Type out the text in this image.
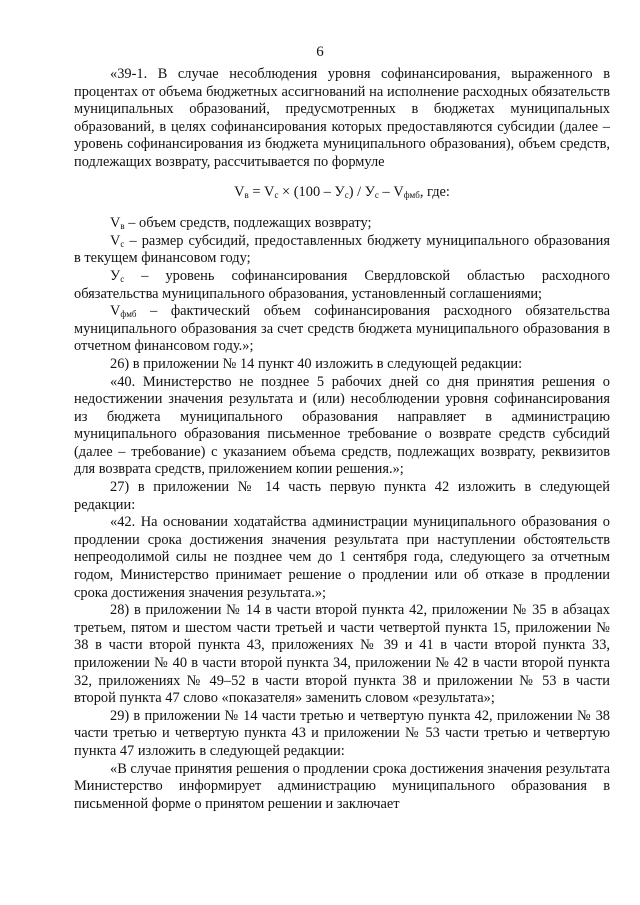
6

«39-1. В случае несоблюдения уровня софинансирования, выраженного в процентах от объема бюджетных ассигнований на исполнение расходных обязательств муниципальных образований, предусмотренных в бюджетах муниципальных образований, в целях софинансирования которых предоставляются субсидии (далее – уровень софинансирования из бюджета муниципального образования), объем средств, подлежащих возврату, рассчитывается по формуле

$V_в = V_с \times (100 - У_с) / У_с - V_{фмб}$, где:

$V_в$ – объем средств, подлежащих возврату;

$V_с$ – размер субсидий, предоставленных бюджету муниципального образования в текущем финансовом году;

$У_с$ – уровень софинансирования Свердловской областью расходного обязательства муниципального образования, установленный соглашениями;

$V_{фмб}$ – фактический объем софинансирования расходного обязательства муниципального образования за счет средств бюджета муниципального образования в отчетном финансовом году.»;

26) в приложении № 14 пункт 40 изложить в следующей редакции:

«40. Министерство не позднее 5 рабочих дней со дня принятия решения о недостижении значения результата и (или) несоблюдении уровня софинансирования из бюджета муниципального образования направляет в администрацию муниципального образования письменное требование о возврате средств субсидий (далее – требование) с указанием объема средств, подлежащих возврату, реквизитов для возврата средств, приложением копии решения.»;

27) в приложении № 14 часть первую пункта 42 изложить в следующей редакции:

«42. На основании ходатайства администрации муниципального образования о продлении срока достижения значения результата при наступлении обстоятельств непреодолимой силы не позднее чем до 1 сентября года, следующего за отчетным годом, Министерство принимает решение о продлении или об отказе в продлении срока достижения значения результата.»;

28) в приложении № 14 в части второй пункта 42, приложении № 35 в абзацах третьем, пятом и шестом части третьей и части четвертой пункта 15, приложении № 38 в части второй пункта 43, приложениях № 39 и 41 в части второй пункта 33, приложении № 40 в части второй пункта 34, приложении № 42 в части второй пункта 32, приложениях № 49–52 в части второй пункта 38 и приложении № 53 в части второй пункта 47 слово «показателя» заменить словом «результата»;

29) в приложении № 14 части третью и четвертую пункта 42, приложении № 38 части третью и четвертую пункта 43 и приложении № 53 части третью и четвертую пункта 47 изложить в следующей редакции:

«В случае принятия решения о продлении срока достижения значения результата Министерство информирует администрацию муниципального образования в письменной форме о принятом решении и заключает
